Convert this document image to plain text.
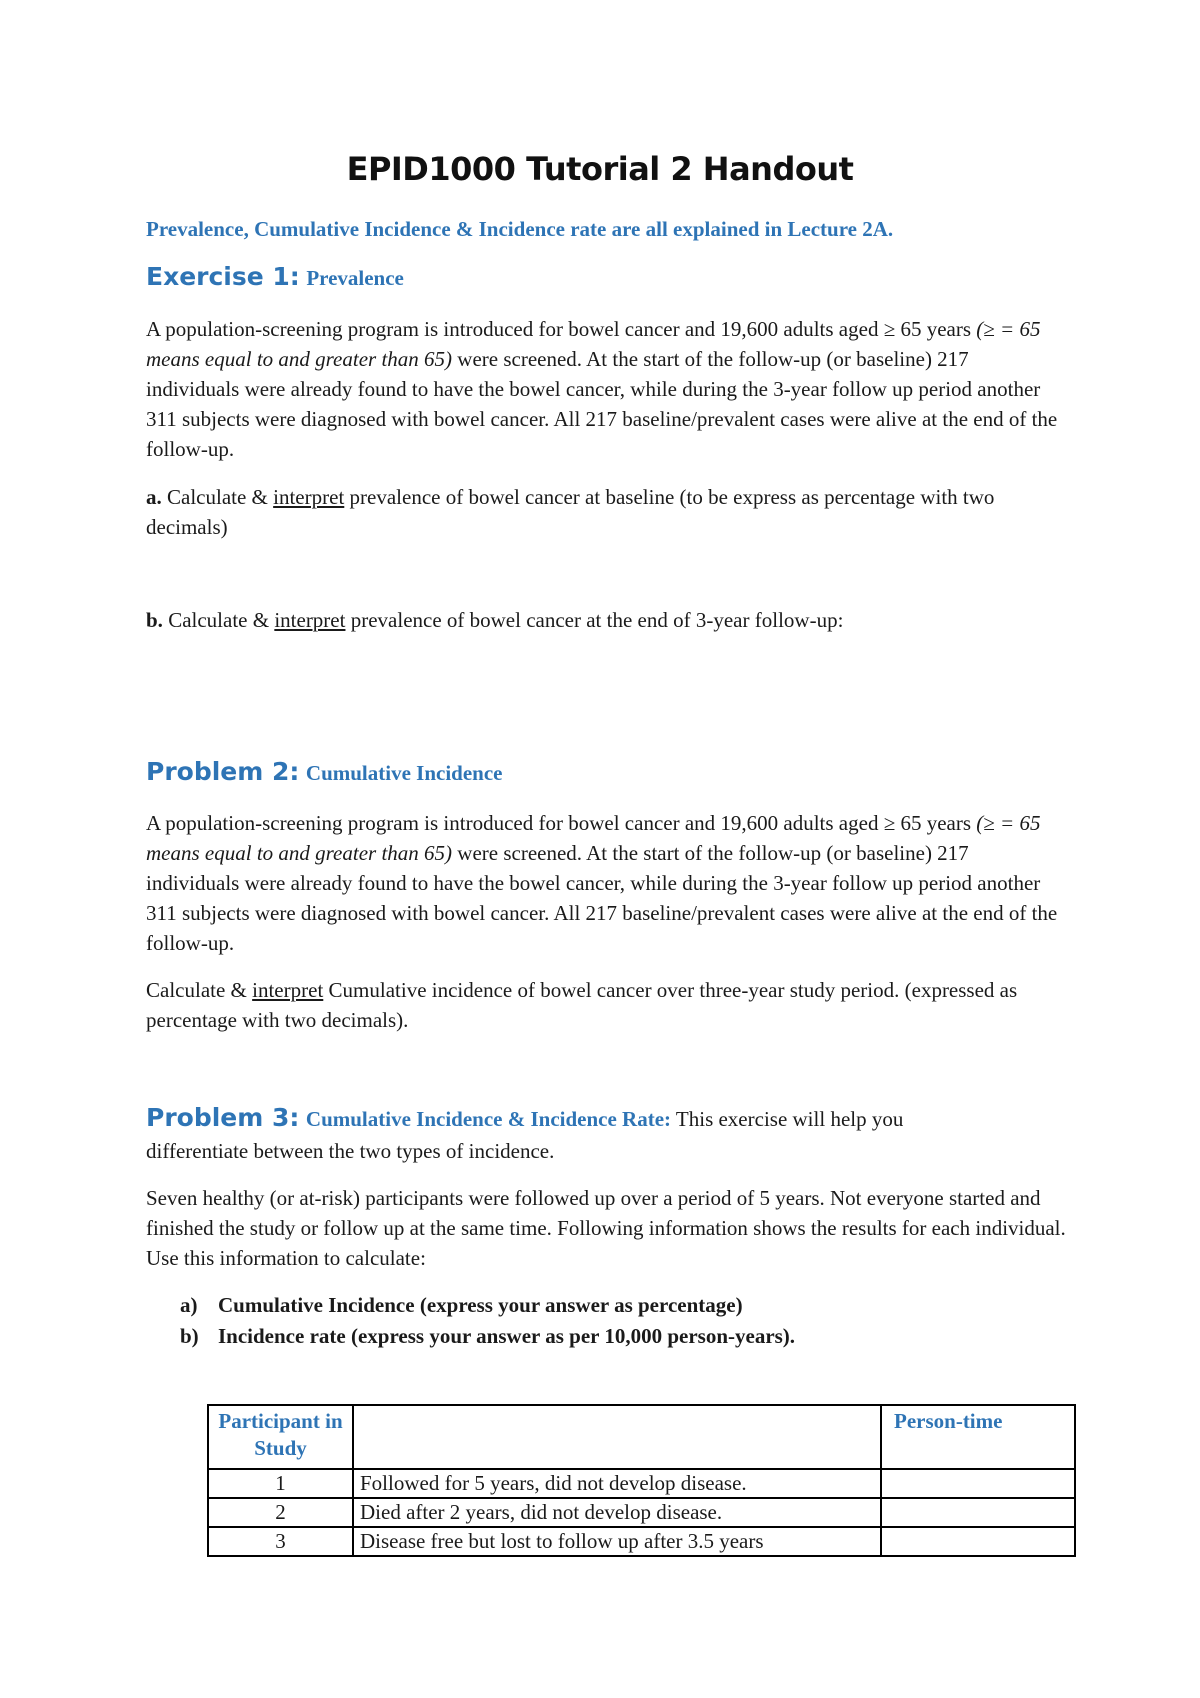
EPID1000 Tutorial 2 Handout
Prevalence, Cumulative Incidence & Incidence rate are all explained in Lecture 2A.
Exercise 1: Prevalence
A population-screening program is introduced for bowel cancer and 19,600 adults aged ≥ 65 years (≥ = 65 means equal to and greater than 65) were screened. At the start of the follow-up (or baseline) 217 individuals were already found to have the bowel cancer, while during the 3-year follow up period another 311 subjects were diagnosed with bowel cancer. All 217 baseline/prevalent cases were alive at the end of the follow-up.
a. Calculate & interpret prevalence of bowel cancer at baseline (to be express as percentage with two decimals)
b. Calculate & interpret prevalence of bowel cancer at the end of 3-year follow-up:
Problem 2: Cumulative Incidence
A population-screening program is introduced for bowel cancer and 19,600 adults aged ≥ 65 years (≥ = 65 means equal to and greater than 65) were screened. At the start of the follow-up (or baseline) 217 individuals were already found to have the bowel cancer, while during the 3-year follow up period another 311 subjects were diagnosed with bowel cancer. All 217 baseline/prevalent cases were alive at the end of the follow-up.
Calculate & interpret Cumulative incidence of bowel cancer over three-year study period. (expressed as percentage with two decimals).
Problem 3: Cumulative Incidence & Incidence Rate: This exercise will help you
differentiate between the two types of incidence.
Seven healthy (or at-risk) participants were followed up over a period of 5 years. Not everyone started and finished the study or follow up at the same time. Following information shows the results for each individual. Use this information to calculate:
a) Cumulative Incidence (express your answer as percentage)
b) Incidence rate (express your answer as per 10,000 person-years).
Participant in Study		Person-time
1	Followed for 5 years, did not develop disease.	
2	Died after 2 years, did not develop disease.	
3	Disease free but lost to follow up after 3.5 years	
